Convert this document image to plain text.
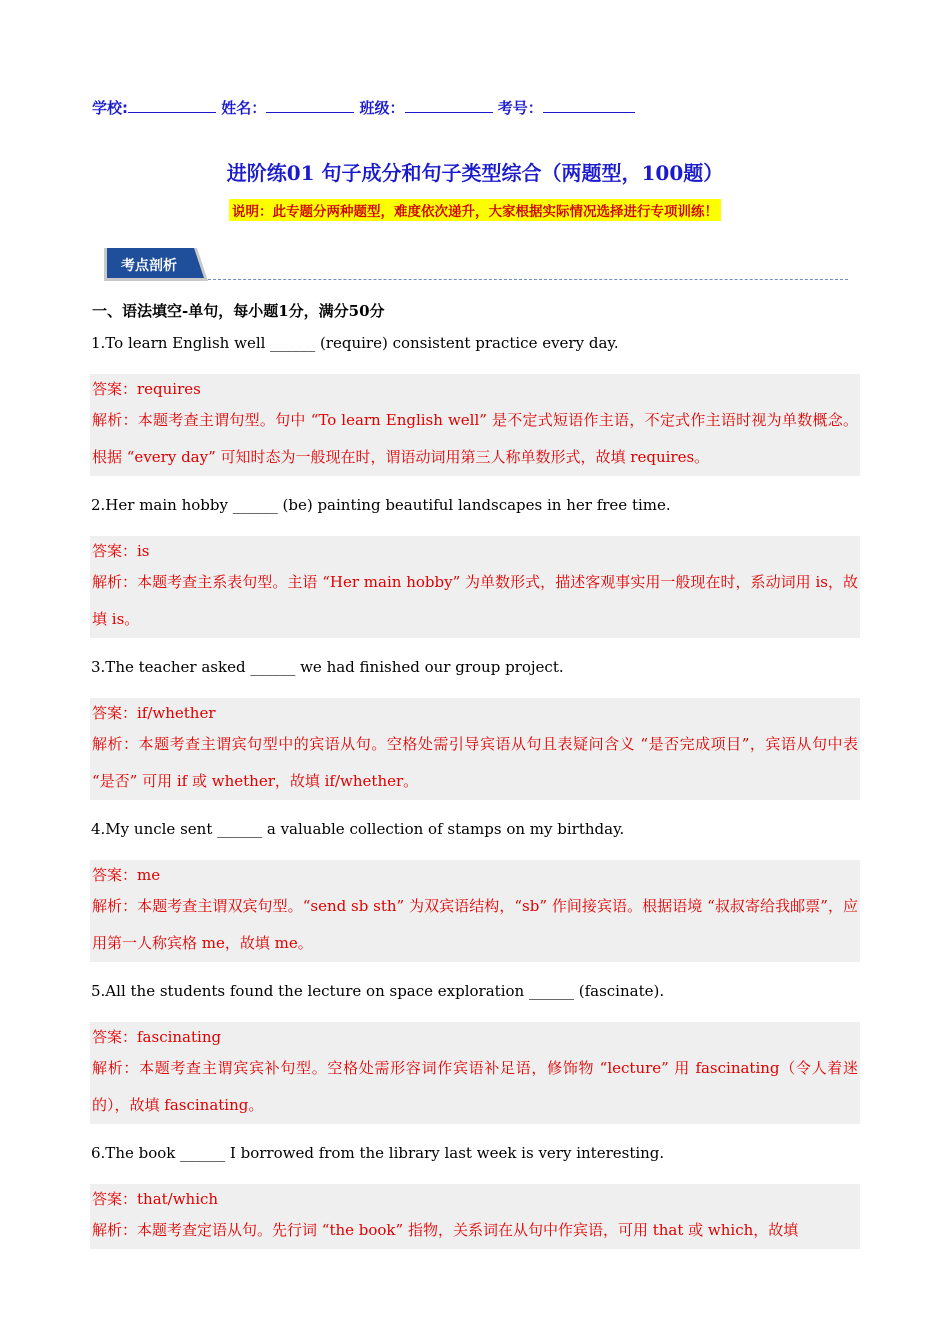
学校:	姓名：	班级：	考号：
进阶练01 句子成分和句子类型综合（两题型，100题）
说明：此专题分两种题型，难度依次递升，大家根据实际情况选择进行专项训练！
考点剖析
一、语法填空-单句，每小题1分，满分50分

1.To learn English well ______ (require) consistent practice every day.

答案：requires

解析：本题考查主谓句型。句中 “To learn English well” 是不定式短语作主语，不定式作主语时视为单数概念。根据 “every day” 可知时态为一般现在时，谓语动词用第三人称单数形式，故填 requires。

2.Her main hobby ______ (be) painting beautiful landscapes in her free time.

答案：is

解析：本题考查主系表句型。主语 “Her main hobby” 为单数形式，描述客观事实用一般现在时，系动词用 is，故填 is。

3.The teacher asked ______ we had finished our group project.

答案：if/whether

解析：本题考查主谓宾句型中的宾语从句。空格处需引导宾语从句且表疑问含义 “是否完成项目”，宾语从句中表 “是否” 可用 if 或 whether，故填 if/whether。

4.My uncle sent ______ a valuable collection of stamps on my birthday.

答案：me

解析：本题考查主谓双宾句型。“send sb sth” 为双宾语结构，“sb” 作间接宾语。根据语境 “叔叔寄给我邮票”，应用第一人称宾格 me，故填 me。

5.All the students found the lecture on space exploration ______ (fascinate).

答案：fascinating

解析：本题考查主谓宾宾补句型。空格处需形容词作宾语补足语，修饰物 “lecture” 用 fascinating（令人着迷的），故填 fascinating。

6.The book ______ I borrowed from the library last week is very interesting.

答案：that/which

解析：本题考查定语从句。先行词 “the book” 指物，关系词在从句中作宾语，可用 that 或 which，故填
